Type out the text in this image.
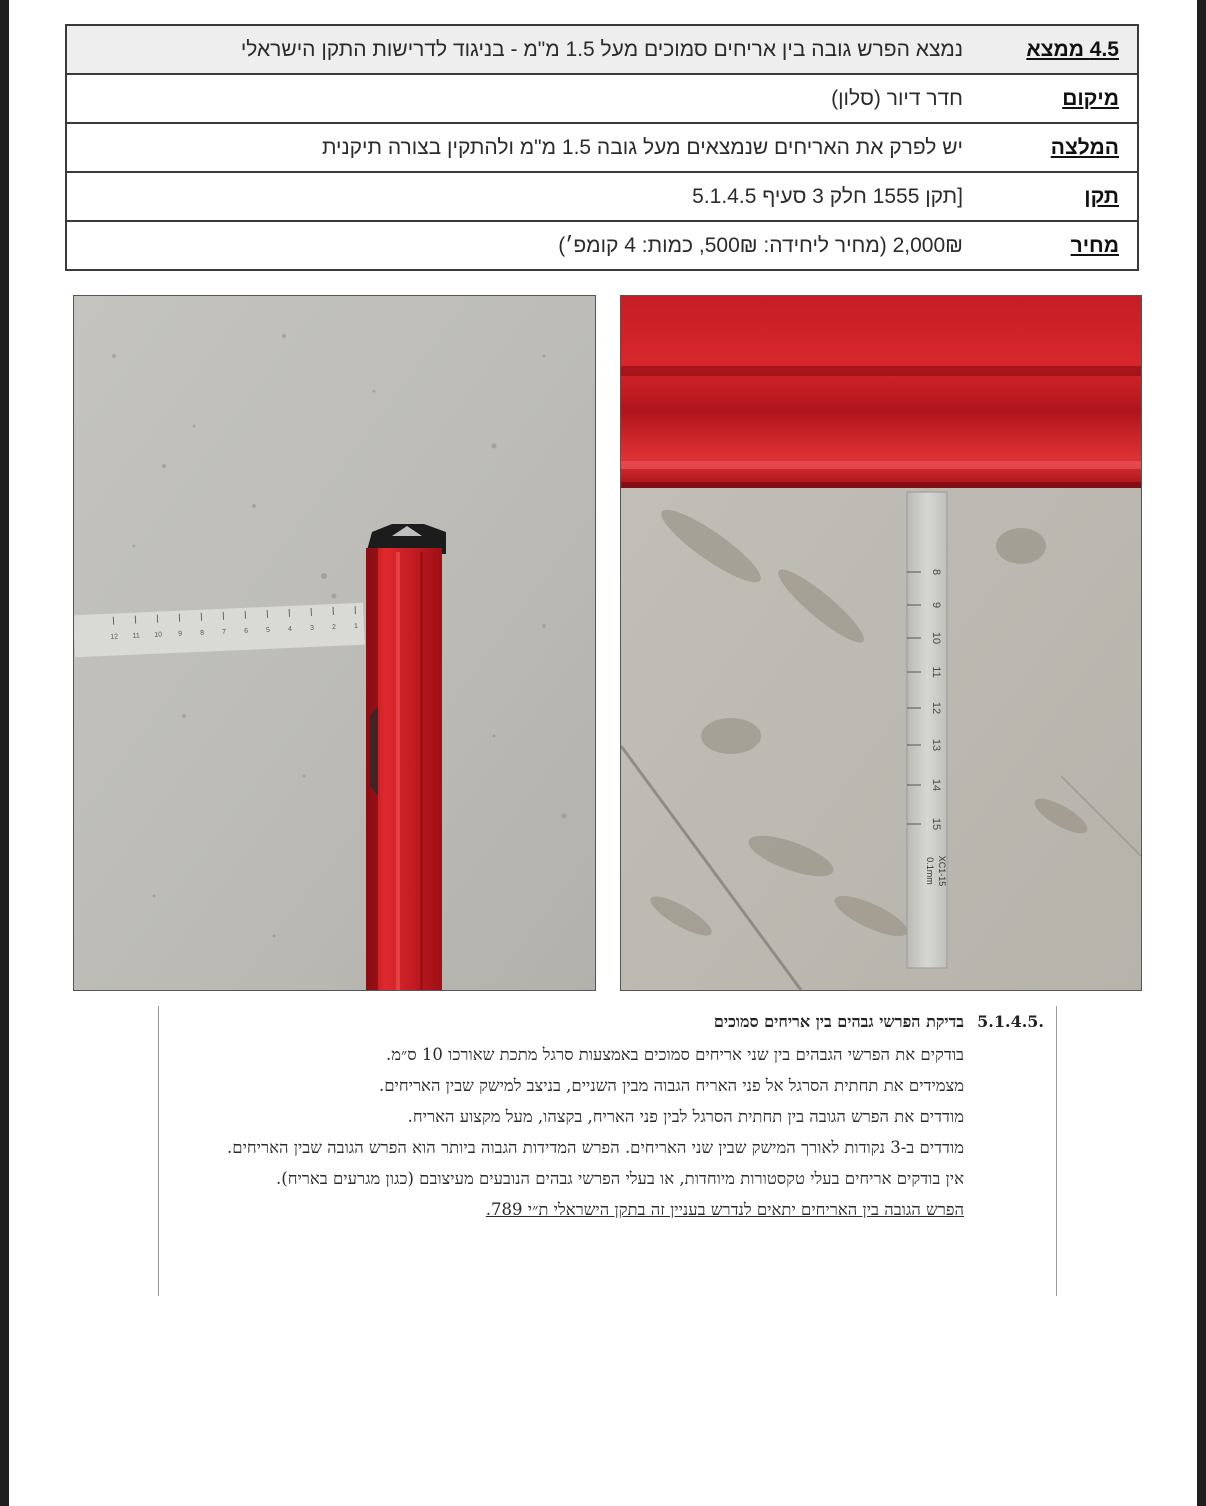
4.5 ממצא	נמצא הפרש גובה בין אריחים סמוכים מעל 1.5 מ"מ - בניגוד לדרישות התקן הישראלי
מיקום	חדר דיור (סלון)
המלצה	יש לפרק את האריחים שנמצאים מעל גובה 1.5 מ"מ ולהתקין בצורה תיקנית
תקן	[תקן 1555 חלק 3 סעיף 5.1.4.5
מחיר	2,000₪ (מחיר ליחידה: 500₪, כמות: 4 קומפ׳)
12 11 10 9	8	7	6	5	4	3	2	1
8
9
10
11
12
13
14
15
XC1-15
0.1mm
.5.1.4.5
בדיקת הפרשי גבהים בין אריחים סמוכים

בודקים את הפרשי הגבהים בין שני אריחים סמוכים באמצעות סרגל מתכת שאורכו 10 ס״מ.

מצמידים את תחתית הסרגל אל פני האריח הגבוה מבין השניים, בניצב למישק שבין האריחים.

מודדים את הפרש הגובה בין תחתית הסרגל לבין פני האריח, בקצהו, מעל מקצוע האריח.

מודדים ב-3 נקודות לאורך המישק שבין שני האריחים. הפרש המדידות הגבוה ביותר הוא הפרש הגובה שבין האריחים.

אין בודקים אריחים בעלי טקסטורות מיוחדות, או בעלי הפרשי גבהים הנובעים מעיצובם (כגון מגרעים באריח).

הפרש הגובה בין האריחים יתאים לנדרש בעניין זה בתקן הישראלי ת״י 789.
